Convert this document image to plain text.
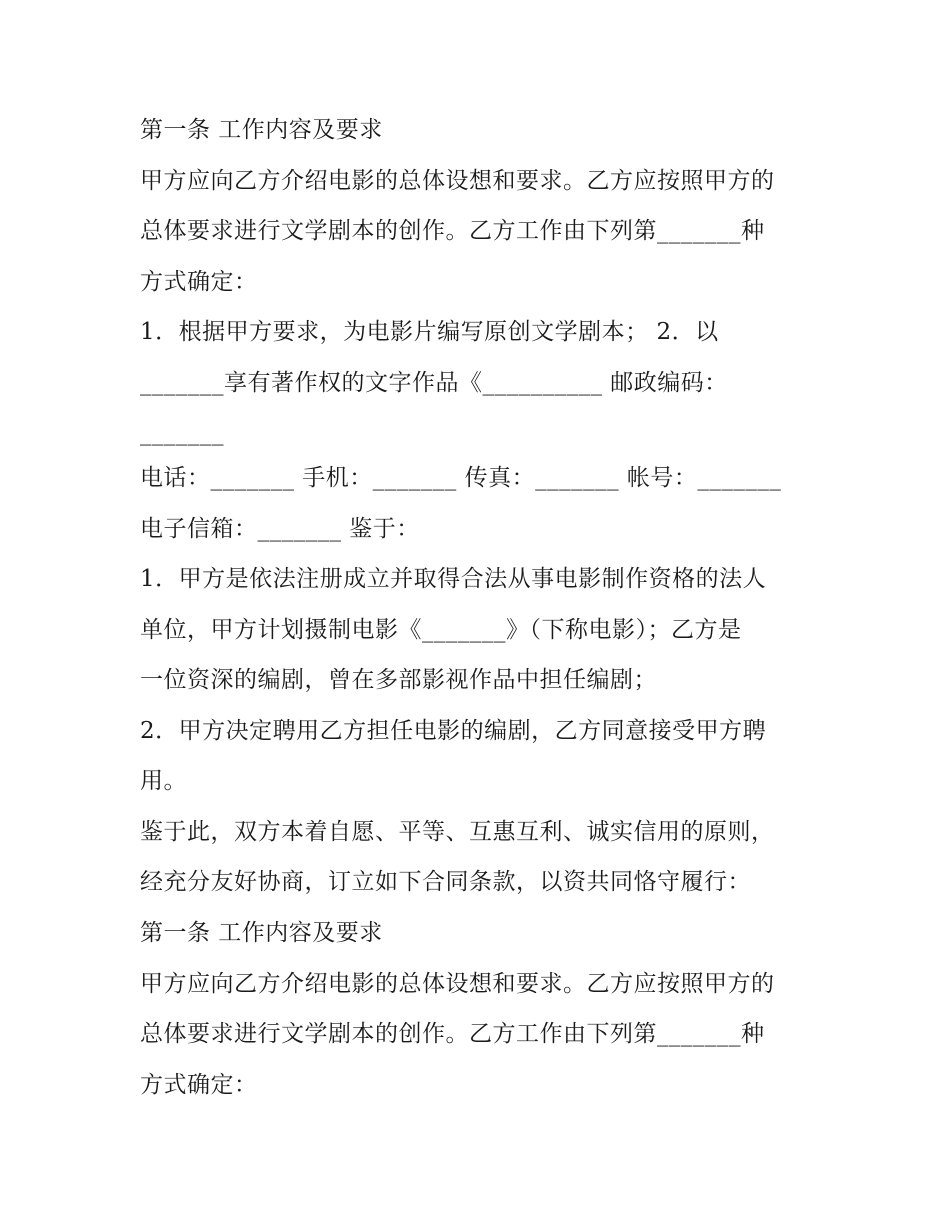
第一条 工作内容及要求
甲方应向乙方介绍电影的总体设想和要求。乙方应按照甲方的
总体要求进行文学剧本的创作。乙方工作由下列第_______种
方式确定：
1．根据甲方要求，为电影片编写原创文学剧本； 2．以
_______享有著作权的文字作品《__________ 邮政编码：
_______
电话：_______ 手机：_______ 传真：_______ 帐号：_______
电子信箱：_______ 鉴于：
1．甲方是依法注册成立并取得合法从事电影制作资格的法人
单位，甲方计划摄制电影《_______》（下称电影）；乙方是
一位资深的编剧，曾在多部影视作品中担任编剧；
2．甲方决定聘用乙方担任电影的编剧，乙方同意接受甲方聘
用。
鉴于此，双方本着自愿、平等、互惠互利、诚实信用的原则，
经充分友好协商，订立如下合同条款，以资共同恪守履行：
第一条 工作内容及要求
甲方应向乙方介绍电影的总体设想和要求。乙方应按照甲方的
总体要求进行文学剧本的创作。乙方工作由下列第_______种
方式确定：
